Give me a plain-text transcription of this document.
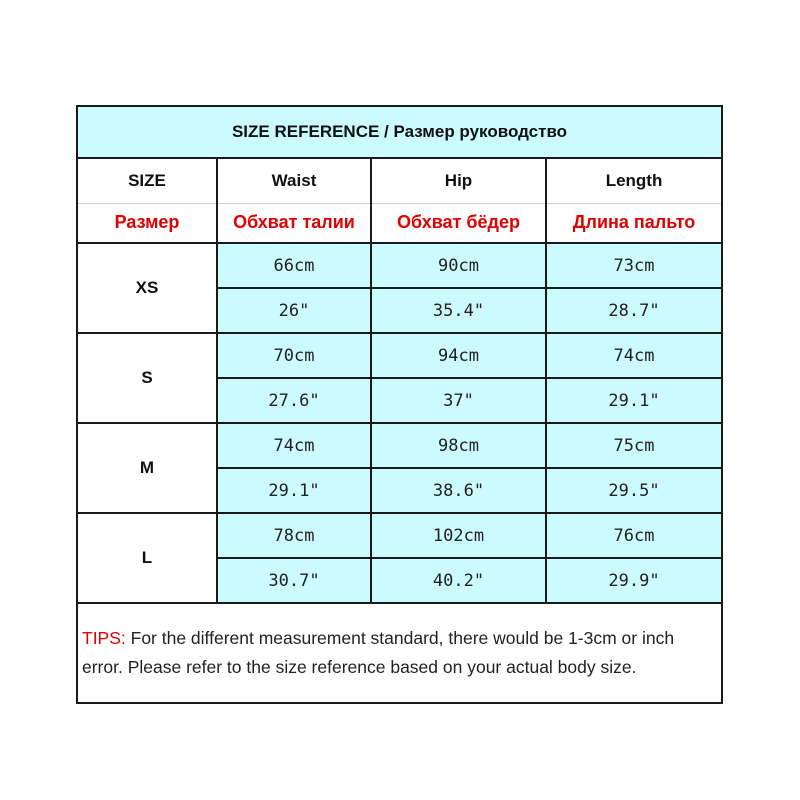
SIZE REFERENCE / Размер руководство			
SIZE	Waist	Hip	Length
Размер	Обхват талии	Обхват бёдер	Длина пальто
XS	66cm	90cm	73cm
	26"	35.4"	28.7"
S	70cm	94cm	74cm
	27.6"	37"	29.1"
M	74cm	98cm	75cm
	29.1"	38.6"	29.5"
L	78cm	102cm	76cm
	30.7"	40.2"	29.9"
TIPS: For the different measurement standard, there would be 1-3cm or inch error. Please refer to the size reference based on your actual body size.			
